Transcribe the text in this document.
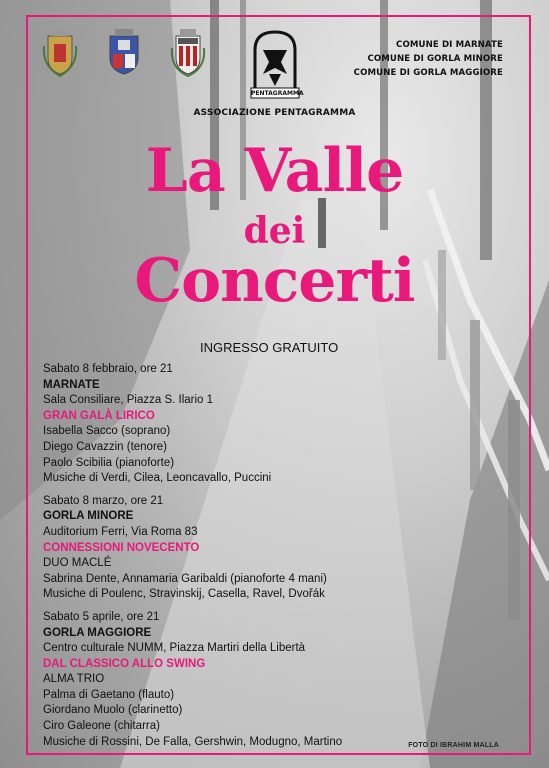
PENTAGRAMMA
COMUNE DI MARNATE
COMUNE DI GORLA MINORE
COMUNE DI GORLA MAGGIORE
ASSOCIAZIONE PENTAGRAMMA
La Valle
dei
Concerti
INGRESSO GRATUITO
Sabato 8 febbraio, ore 21
MARNATE
Sala Consiliare, Piazza S. Ilario 1
GRAN GALÀ LIRICO
Isabella Sacco (soprano)
Diego Cavazzin (tenore)
Paolo Scibilia (pianoforte)
Musiche di Verdi, Cilea, Leoncavallo, Puccini
Sabato 8 marzo, ore 21
GORLA MINORE
Auditorium Ferri, Via Roma 83
CONNESSIONI NOVECENTO
DUO MACLÉ
Sabrina Dente, Annamaria Garibaldi (pianoforte 4 mani)
Musiche di Poulenc, Stravinskij, Casella, Ravel, Dvořák
Sabato 5 aprile, ore 21
GORLA MAGGIORE
Centro culturale NUMM, Piazza Martiri della Libertà
DAL CLASSICO ALLO SWING
ALMA TRIO
Palma di Gaetano (flauto)
Giordano Muolo (clarinetto)
Ciro Galeone (chitarra)
Musiche di Rossini, De Falla, Gershwin, Modugno, Martino	FOTO DI IBRAHIM MALLA
